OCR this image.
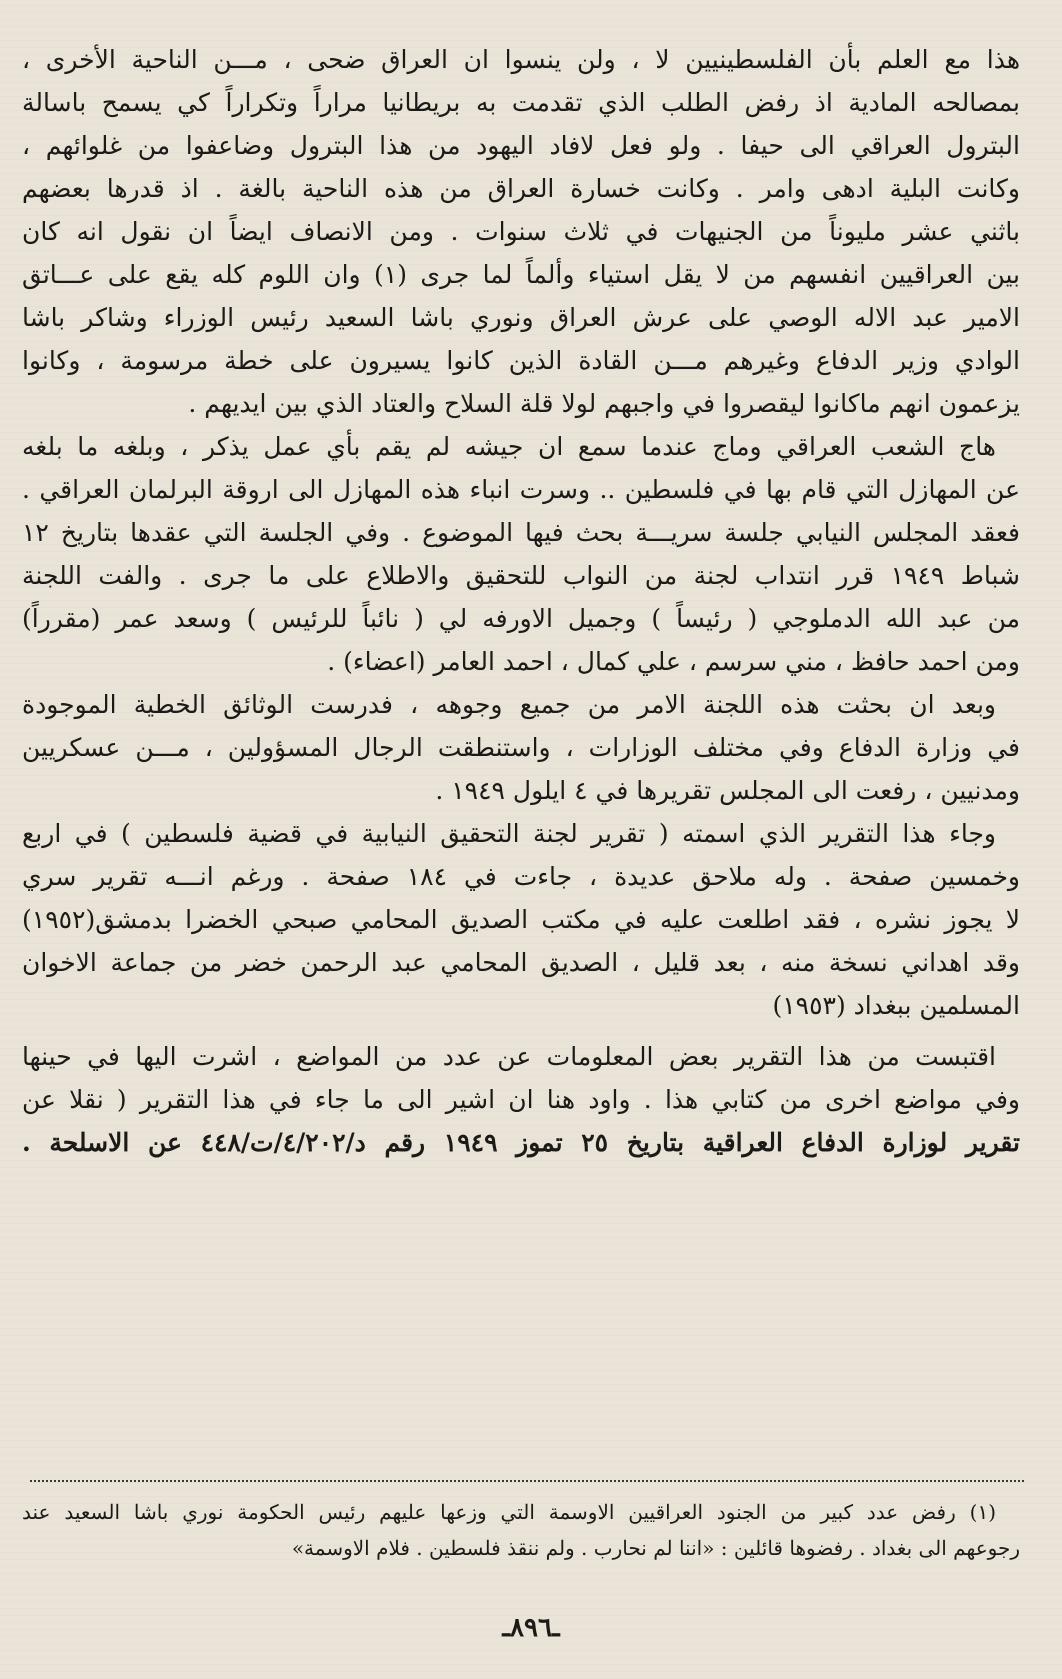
هذا مع العلم بأن الفلسطينيين لا ، ولن ينسوا ان العراق ضحى ، مـــن الناحية الأخرى ،

بمصالحه المادية اذ رفض الطلب الذي تقدمت به بريطانيا مراراً وتكراراً كي يسمح باسالة

البترول العراقي الى حيفا . ولو فعل لافاد اليهود من هذا البترول وضاعفوا من غلوائهم ،

وكانت البلية ادهى وامر . وكانت خسارة العراق من هذه الناحية بالغة . اذ قدرها بعضهم

باثني عشر مليوناً من الجنيهات في ثلاث سنوات . ومن الانصاف ايضاً ان نقول انه كان

بين العراقيين انفسهم من لا يقل استياء وألماً لما جرى (١) وان اللوم كله يقع على عـــاتق

الامير عبد الاله الوصي على عرش العراق ونوري باشا السعيد رئيس الوزراء وشاكر باشا

الوادي وزير الدفاع وغيرهم مـــن القادة الذين كانوا يسيرون على خطة مرسومة ، وكانوا

يزعمون انهم ماكانوا ليقصروا في واجبهم لولا قلة السلاح والعتاد الذي بين ايديهم .

هاج الشعب العراقي وماج عندما سمع ان جيشه لم يقم بأي عمل يذكر ، وبلغه ما بلغه

عن المهازل التي قام بها في فلسطين .. وسرت انباء هذه المهازل الى اروقة البرلمان العراقي .

فعقد المجلس النيابي جلسة سريـــة بحث فيها الموضوع . وفي الجلسة التي عقدها بتاريخ ١٢

شباط ١٩٤٩ قرر انتداب لجنة من النواب للتحقيق والاطلاع على ما جرى . والفت اللجنة

من عبد الله الدملوجي ( رئيساً ) وجميل الاورفه لي ( نائباً للرئيس ) وسعد عمر (مقرراً)

ومن احمد حافظ ، مني سرسم ، علي كمال ، احمد العامر (اعضاء) .

وبعد ان بحثت هذه اللجنة الامر من جميع وجوهه ، فدرست الوثائق الخطية الموجودة

في وزارة الدفاع وفي مختلف الوزارات ، واستنطقت الرجال المسؤولين ، مـــن عسكريين

ومدنيين ، رفعت الى المجلس تقريرها في ٤ ايلول ١٩٤٩ .

وجاء هذا التقرير الذي اسمته ( تقرير لجنة التحقيق النيابية في قضية فلسطين ) في اربع

وخمسين صفحة . وله ملاحق عديدة ، جاءت في ١٨٤ صفحة . ورغم انـــه تقرير سري

لا يجوز نشره ، فقد اطلعت عليه في مكتب الصديق المحامي صبحي الخضرا بدمشق(١٩٥٢)

وقد اهداني نسخة منه ، بعد قليل ، الصديق المحامي عبد الرحمن خضر من جماعة الاخوان

المسلمين ببغداد (١٩٥٣)

اقتبست من هذا التقرير بعض المعلومات عن عدد من المواضع ، اشرت اليها في حينها

وفي مواضع اخرى من كتابي هذا . واود هنا ان اشير الى ما جاء في هذا التقرير ( نقلا عن

تقرير لوزارة الدفاع العراقية بتاريخ ٢٥ تموز ١٩٤٩ رقم د/٤/٢٠٢/ت/٤٤٨ عن الاسلحة .

(١) رفض عدد كبير من الجنود العراقيين الاوسمة التي وزعها عليهم رئيس الحكومة نوري باشا السعيد عند

رجوعهم الى بغداد . رفضوها قائلين : «اننا لم نحارب . ولم ننقذ فلسطين . فلام الاوسمة»

ـ٨٩٦ـ
